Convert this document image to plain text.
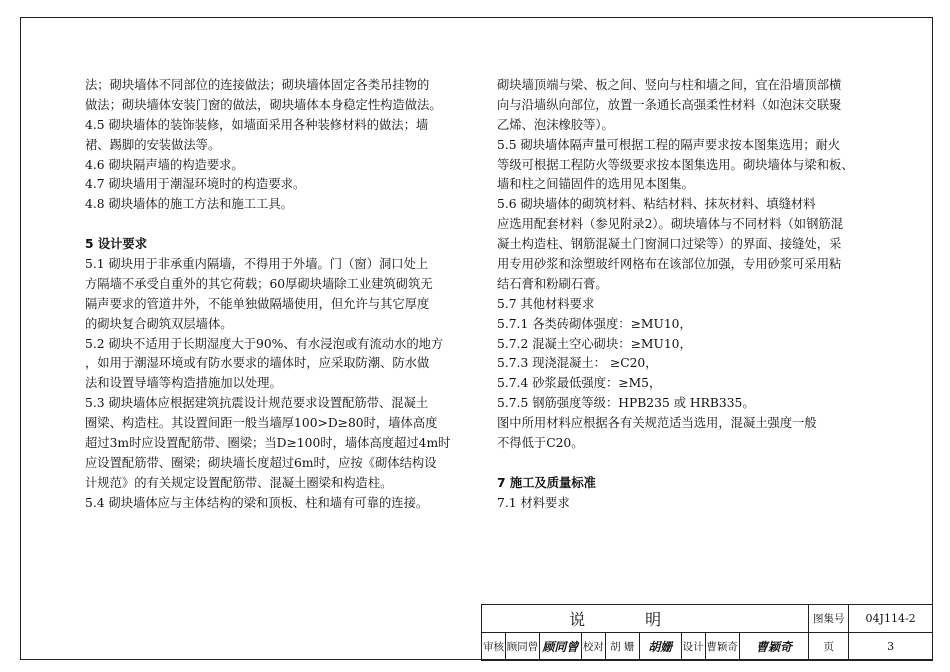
法；砌块墙体不同部位的连接做法；砌块墙体固定各类吊挂物的
做法；砌块墙体安装门窗的做法，砌块墙体本身稳定性构造做法。
4.5 砌块墙体的装饰装修，如墙面采用各种装修材料的做法；墙
裙、踢脚的安装做法等。
4.6 砌块隔声墙的构造要求。
4.7 砌块墙用于潮湿环境时的构造要求。
4.8 砌块墙体的施工方法和施工工具。
5 设计要求
5.1 砌块用于非承重内隔墙，不得用于外墙。门（窗）洞口处上
方隔墙不承受自重外的其它荷载；60厚砌块墙除工业建筑砌筑无
隔声要求的管道井外，不能单独做隔墙使用，但允许与其它厚度
的砌块复合砌筑双层墙体。
5.2 砌块不适用于长期湿度大于90%、有水浸泡或有流动水的地方
，如用于潮湿环境或有防水要求的墙体时，应采取防潮、防水做
法和设置导墙等构造措施加以处理。
5.3 砌块墙体应根据建筑抗震设计规范要求设置配筋带、混凝土
圈梁、构造柱。其设置间距一般当墙厚100>D≥80时，墙体高度
超过3m时应设置配筋带、圈梁；当D≥100时，墙体高度超过4m时
应设置配筋带、圈梁；砌块墙长度超过6m时，应按《砌体结构设
计规范》的有关规定设置配筋带、混凝土圈梁和构造柱。
5.4 砌块墙体应与主体结构的梁和顶板、柱和墙有可靠的连接。
砌块墙顶端与梁、板之间、竖向与柱和墙之间，宜在沿墙顶部横
向与沿墙纵向部位，放置一条通长高强柔性材料（如泡沫交联聚
乙烯、泡沫橡胶等）。
5.5 砌块墙体隔声量可根据工程的隔声要求按本图集选用；耐火
等级可根据工程防火等级要求按本图集选用。砌块墙体与梁和板、
墙和柱之间锚固件的选用见本图集。
5.6 砌块墙体的砌筑材料、粘结材料、抹灰材料、填缝材料
应选用配套材料（参见附录2）。砌块墙体与不同材料（如钢筋混
凝土构造柱、钢筋混凝土门窗洞口过梁等）的界面、接缝处，采
用专用砂浆和涂塑玻纤网格布在该部位加强，专用砂浆可采用粘
结石膏和粉刷石膏。
5.7 其他材料要求
5.7.1 各类砖砌体强度：≥MU10，
5.7.2 混凝土空心砌块：≥MU10，
5.7.3 现浇混凝土： ≥C20，
5.7.4 砂浆最低强度：≥M5，
5.7.5 钢筋强度等级：HPB235 或 HRB335。
图中所用材料应根据各有关规范适当选用，混凝土强度一般
不得低于C20。
7 施工及质量标准
7.1 材料要求
说明									图集号	04J114-2
审核	顾同曾	顾同曾	校对	胡 姗	胡姗	设计	曹颖奇	曹颖奇	页	3
